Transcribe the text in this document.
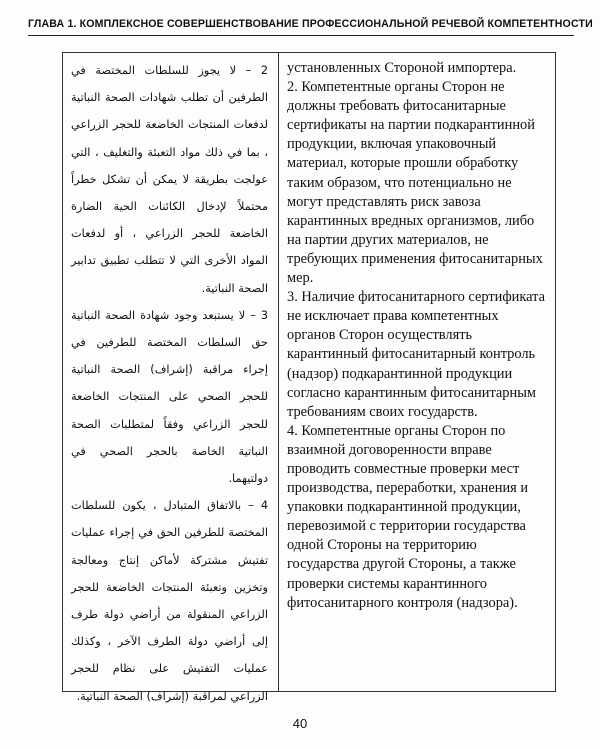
ГЛАВА 1. КОМПЛЕКСНОЕ СОВЕРШЕНСТВОВАНИЕ ПРОФЕССИОНАЛЬНОЙ РЕЧЕВОЙ КОМПЕТЕНТНОСТИ

2 – لا يجوز للسلطات المختصة في الطرفين أن تطلب شهادات الصحة النباتية لدفعات المنتجات الخاضعة للحجر الزراعي ، بما في ذلك مواد التعبئة والتغليف ، التي عولجت بطريقة لا يمكن أن تشكل خطراً محتملاً لإدخال الكائنات الحية الضارة الخاضعة للحجر الزراعي ، أو لدفعات المواد الأخرى التي لا تتطلب تطبيق تدابير الصحة النباتية.

3 – لا يستبعد وجود شهادة الصحة النباتية حق السلطات المختصة للطرفين في إجراء مراقبة (إشراف) الصحة النباتية للحجر الصحي على المنتجات الخاضعة للحجر الزراعي وفقاً لمتطلبات الصحة النباتية الخاصة بالحجر الصحي في دولتيهما.

4 – بالاتفاق المتبادل ، يكون للسلطات المختصة للطرفين الحق في إجراء عمليات تفتيش مشتركة لأماكن إنتاج ومعالجة وتخزين وتعبئة المنتجات الخاضعة للحجر الزراعي المنقولة من أراضي دولة طرف إلى أراضي دولة الطرف الآخر ، وكذلك عمليات التفتيش على نظام للحجر الزراعي لمراقبة (إشراف) الصحة النباتية.

установленных Стороной импортера.

2. Компетентные органы Сторон не должны требовать фитосанитарные сертификаты на партии подкарантинной продукции, включая упаковочный материал, которые прошли обработку таким образом, что потенциально не могут представлять риск завоза карантинных вредных организмов, либо на партии других материалов, не требующих применения фитосанитарных мер.

3. Наличие фитосанитарного сертификата не исключает права компетентных органов Сторон осуществлять карантинный фитосанитарный контроль (надзор) подкарантинной продукции согласно карантинным фитосанитарным требованиям своих государств.

4. Компетентные органы Сторон по взаимной договоренности вправе проводить совместные проверки мест производства, переработки, хранения и упаковки подкарантинной продукции, перевозимой с территории государства одной Стороны на территорию государства другой Стороны, а также проверки системы карантинного фитосанитарного контроля (надзора).

40
